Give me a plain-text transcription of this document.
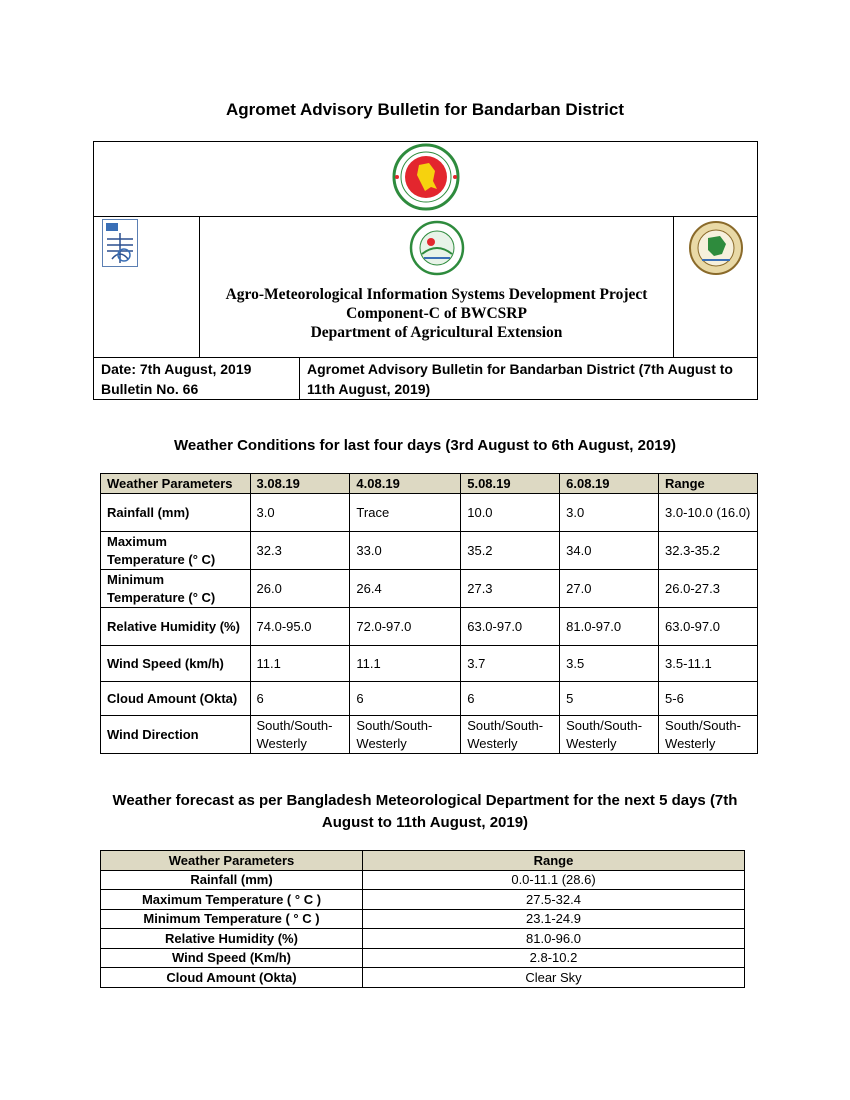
Agromet Advisory Bulletin for Bandarban District
Agro-Meteorological Information Systems Development Project
Component-C of BWCSRP
Department of Agricultural Extension
Date: 7th August, 2019
Bulletin No. 66
Agromet Advisory Bulletin for Bandarban District (7th August to 11th August, 2019)
Weather Conditions for last four days (3rd August to 6th August, 2019)
Weather Parameters	3.08.19	4.08.19	5.08.19	6.08.19	Range
Rainfall (mm)	3.0	Trace	10.0	3.0	3.0-10.0 (16.0)
Maximum Temperature (° C)	32.3	33.0	35.2	34.0	32.3-35.2
Minimum Temperature (° C)	26.0	26.4	27.3	27.0	26.0-27.3
Relative Humidity (%)	74.0-95.0	72.0-97.0	63.0-97.0	81.0-97.0	63.0-97.0
Wind Speed (km/h)	11.1	11.1	3.7	3.5	3.5-11.1
Cloud Amount (Okta)	6	6	6	5	5-6
Wind Direction	South/South-Westerly	South/South-Westerly	South/South-Westerly	South/South-Westerly	South/South-Westerly
Weather forecast as per Bangladesh Meteorological Department for the next 5 days (7th August to 11th August, 2019)
Weather Parameters	Range
Rainfall (mm)	0.0-11.1 (28.6)
Maximum Temperature ( ° C )	27.5-32.4
Minimum Temperature ( ° C )	23.1-24.9
Relative Humidity (%)	81.0-96.0
Wind Speed (Km/h)	2.8-10.2
Cloud Amount (Okta)	Clear Sky
